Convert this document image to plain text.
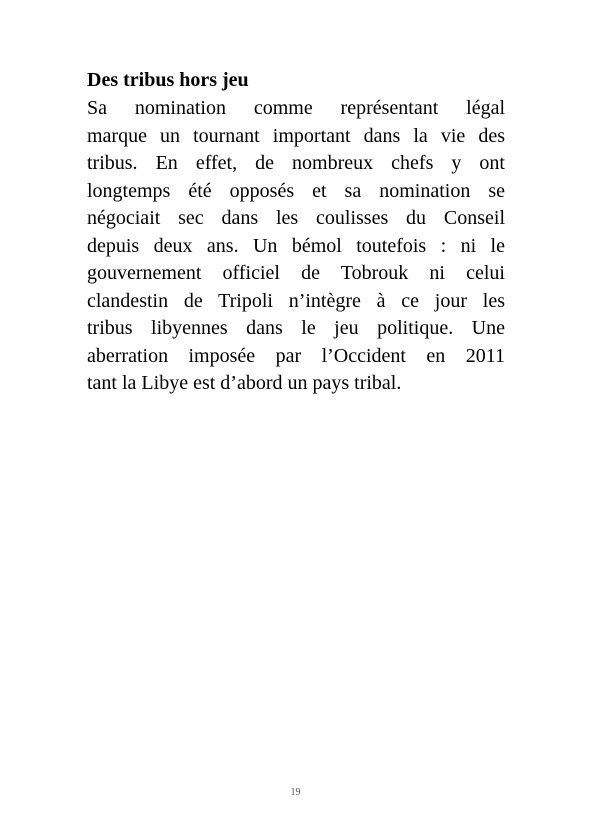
Des tribus hors jeu
Sa nomination comme représentant légal
marque un tournant important dans la vie des
tribus. En effet, de nombreux chefs y ont
longtemps été opposés et sa nomination se
négociait sec dans les coulisses du Conseil
depuis deux ans. Un bémol toutefois : ni le
gouvernement officiel de Tobrouk ni celui
clandestin de Tripoli n’intègre à ce jour les
tribus libyennes dans le jeu politique. Une
aberration imposée par l’Occident en 2011
tant la Libye est d’abord un pays tribal.
19
